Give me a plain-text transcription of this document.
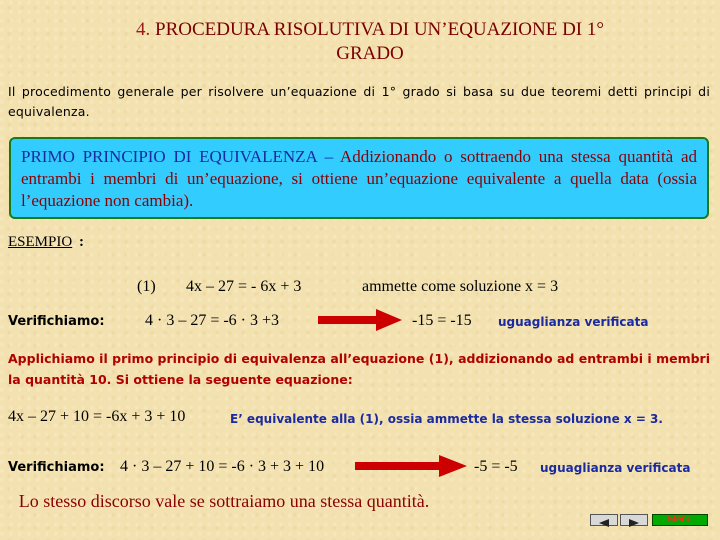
4. PROCEDURA RISOLUTIVA DI UN’EQUAZIONE DI 1°
GRADO
Il procedimento generale per risolvere un’equazione di 1° grado si basa su due teoremi detti principi di equivalenza.
PRIMO PRINCIPIO DI EQUIVALENZA – Addizionando o sottraendo una stessa quantità ad entrambi i membri di un’equazione, si ottiene un’equazione equivalente a quella data (ossia l’equazione non cambia).
ESEMPIO :
(1) 4x – 27 = - 6x + 3	ammette come soluzione x = 3
Verifichiamo:	4 · 3 – 27 = -6 · 3 +3	-15 = -15 uguaglianza verificata
Applichiamo il primo principio di equivalenza all’equazione (1), addizionando ad entrambi i membri la quantità 10. Si ottiene la seguente equazione:
4x – 27 + 10 = -6x + 3 + 10	E’ equivalente alla (1), ossia ammette la stessa soluzione x = 3.
Verifichiamo: 4 · 3 – 27 + 10 = -6 · 3 + 3 + 10	-5 = -5 uguaglianza verificata
Lo stesso discorso vale se sottraiamo una stessa quantità.
Menu
